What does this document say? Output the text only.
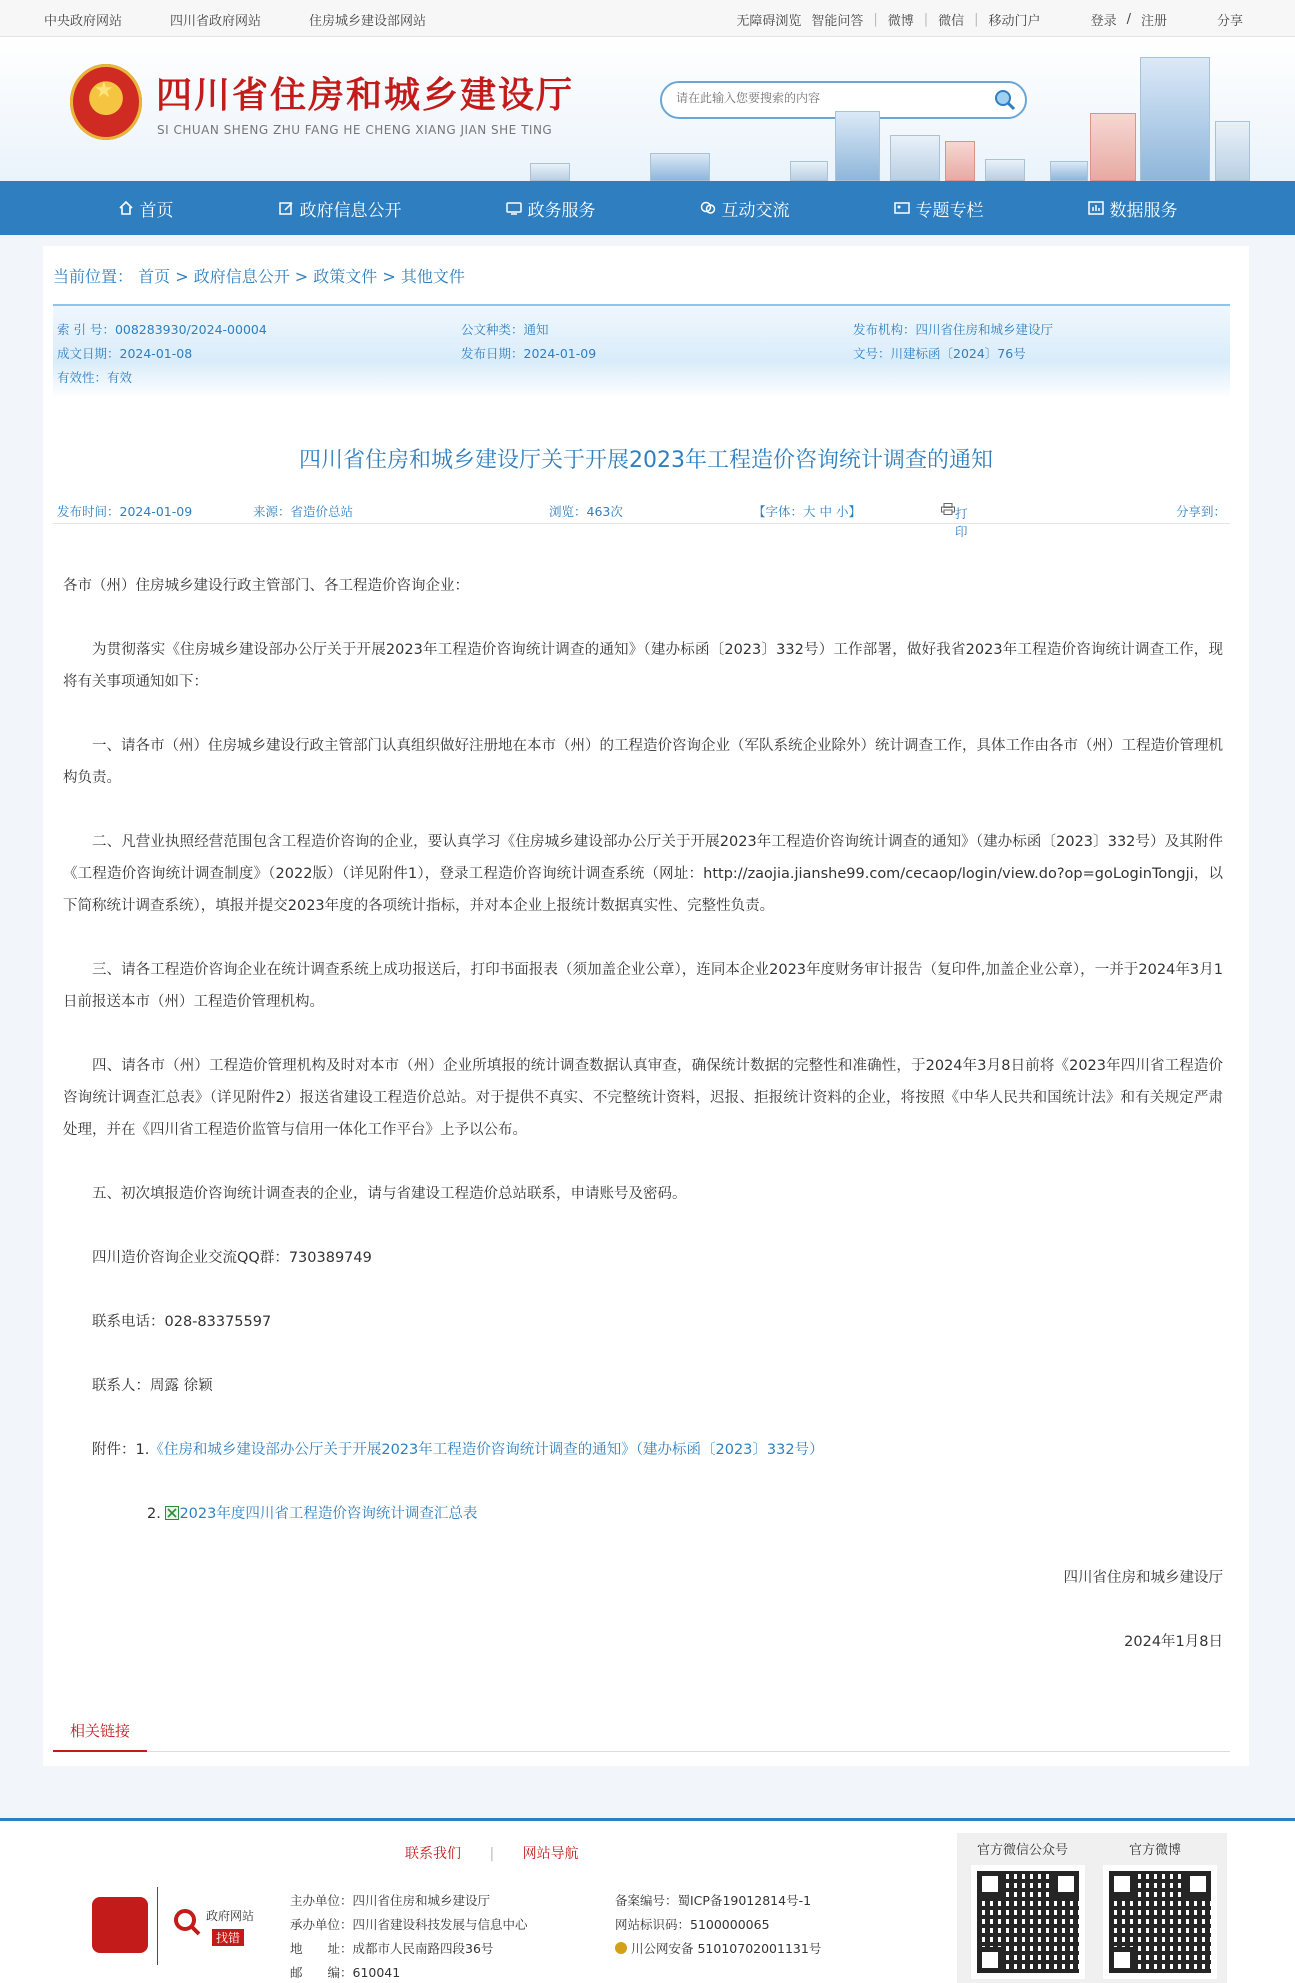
中央政府网站	四川省政府网站	住房城乡建设部网站	无障碍浏览 智能问答 | 微博 | 微信 | 移动门户	登录 / 注册	分享
★ 四川省住房和城乡建设厅
SI CHUAN SHENG ZHU FANG HE CHENG XIANG JIAN SHE TING
请在此输入您要搜索的内容
首页	政府信息公开	政务服务	互动交流	专题专栏	数据服务
当前位置： 首页 > 政府信息公开 > 政策文件 > 其他文件
索 引 号：008283930/2024-00004	公文种类：通知	发布机构：四川省住房和城乡建设厅
成文日期：2024-01-08	发布日期：2024-01-09	文号：川建标函〔2024〕76号
有效性：有效
四川省住房和城乡建设厅关于开展2023年工程造价咨询统计调查的通知
发布时间：2024-01-09	来源：省造价总站	浏览：463次	【字体：大 中 小】	打印
分享到：

各市（州）住房城乡建设行政主管部门、各工程造价咨询企业：

为贯彻落实《住房城乡建设部办公厅关于开展2023年工程造价咨询统计调查的通知》（建办标函〔2023〕332号）工作部署，做好我省2023年工程造价咨询统计调查工作，现将有关事项通知如下：

一、请各市（州）住房城乡建设行政主管部门认真组织做好注册地在本市（州）的工程造价咨询企业（军队系统企业除外）统计调查工作，具体工作由各市（州）工程造价管理机构负责。

二、凡营业执照经营范围包含工程造价咨询的企业，要认真学习《住房城乡建设部办公厅关于开展2023年工程造价咨询统计调查的通知》（建办标函〔2023〕332号）及其附件《工程造价咨询统计调查制度》（2022版）（详见附件1），登录工程造价咨询统计调查系统（网址：http://zaojia.jianshe99.com/cecaop/login/view.do?op=goLoginTongji，以下简称统计调查系统），填报并提交2023年度的各项统计指标，并对本企业上报统计数据真实性、完整性负责。

三、请各工程造价咨询企业在统计调查系统上成功报送后，打印书面报表（须加盖企业公章），连同本企业2023年度财务审计报告（复印件,加盖企业公章），一并于2024年3月1日前报送本市（州）工程造价管理机构。

四、请各市（州）工程造价管理机构及时对本市（州）企业所填报的统计调查数据认真审查，确保统计数据的完整性和准确性，于2024年3月8日前将《2023年四川省工程造价咨询统计调查汇总表》（详见附件2）报送省建设工程造价总站。对于提供不真实、不完整统计资料，迟报、拒报统计资料的企业，将按照《中华人民共和国统计法》和有关规定严肃处理，并在《四川省工程造价监管与信用一体化工作平台》上予以公布。

五、初次填报造价咨询统计调查表的企业，请与省建设工程造价总站联系，申请账号及密码。

四川造价咨询企业交流QQ群：730389749

联系电话：028-83375597

联系人：周露 徐颖

附件：1.《住房和城乡建设部办公厅关于开展2023年工程造价咨询统计调查的通知》（建办标函〔2023〕332号）

2. 2023年度四川省工程造价咨询统计调查汇总表

四川省住房和城乡建设厅

2024年1月8日

相关链接
联系我们 | 网站导航
政府网站
找错
主办单位：四川省住房和城乡建设厅
承办单位：四川省建设科技发展与信息中心
地　　址：成都市人民南路四段36号
邮　　编：610041
备案编号：蜀ICP备19012814号-1
网站标识码：5100000065
川公网安备 51010702001131号
官方微信公众号	官方微博
